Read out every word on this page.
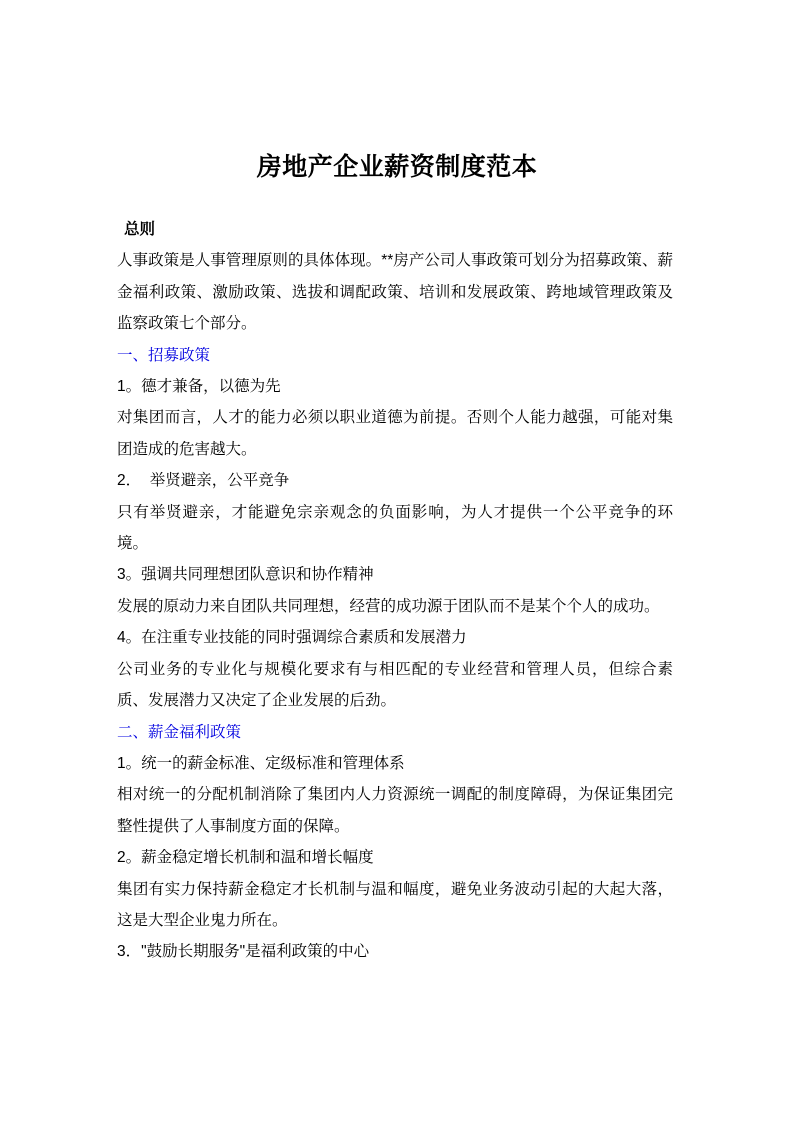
房地产企业薪资制度范本

总则

人事政策是人事管理原则的具体体现。**房产公司人事政策可划分为招募政策、薪金福利政策、激励政策、选拔和调配政策、培训和发展政策、跨地域管理政策及监察政策七个部分。

一、招募政策

1。德才兼备，以德为先

对集团而言，人才的能力必须以职业道德为前提。否则个人能力越强，可能对集团造成的危害越大。

2．  举贤避亲，公平竞争

只有举贤避亲，才能避免宗亲观念的负面影响，为人才提供一个公平竞争的环境。

3。强调共同理想团队意识和协作精神

发展的原动力来自团队共同理想，经营的成功源于团队而不是某个个人的成功。

4。在注重专业技能的同时强调综合素质和发展潜力

公司业务的专业化与规模化要求有与相匹配的专业经营和管理人员，但综合素质、发展潜力又决定了企业发展的后劲。

二、薪金福利政策

1。统一的薪金标准、定级标准和管理体系

相对统一的分配机制消除了集团内人力资源统一调配的制度障碍，为保证集团完整性提供了人事制度方面的保障。

2。薪金稳定增长机制和温和增长幅度

集团有实力保持薪金稳定才长机制与温和幅度，避免业务波动引起的大起大落，这是大型企业鬼力所在。

3．"鼓励长期服务"是福利政策的中心
